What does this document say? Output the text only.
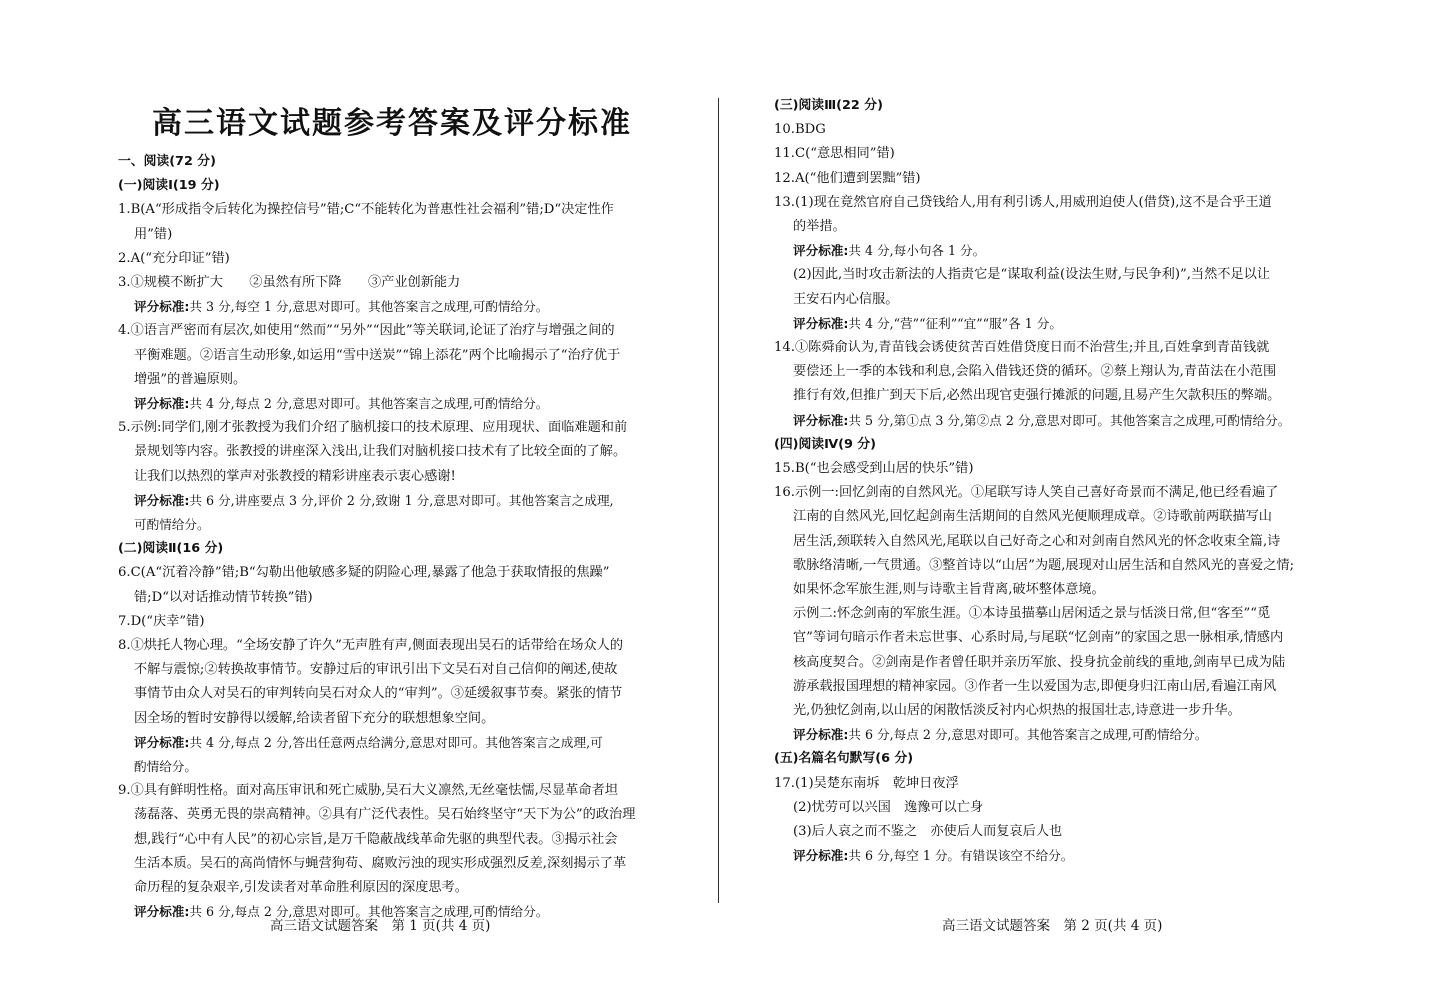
高三语文试题参考答案及评分标准
一、阅读(72 分)
(一)阅读Ⅰ(19 分)
1.B(A“形成指令后转化为操控信号”错;C“不能转化为普惠性社会福利”错;D“决定性作
用”错)
2.A(“充分印证”错)
3.①规模不断扩大　　②虽然有所下降　　③产业创新能力
评分标准:共 3 分,每空 1 分,意思对即可。其他答案言之成理,可酌情给分。
4.①语言严密而有层次,如使用“然而”“另外”“因此”等关联词,论证了治疗与增强之间的
平衡难题。②语言生动形象,如运用“雪中送炭”“锦上添花”两个比喻揭示了“治疗优于
增强”的普遍原则。
评分标准:共 4 分,每点 2 分,意思对即可。其他答案言之成理,可酌情给分。
5.示例:同学们,刚才张教授为我们介绍了脑机接口的技术原理、应用现状、面临难题和前
景规划等内容。张教授的讲座深入浅出,让我们对脑机接口技术有了比较全面的了解。
让我们以热烈的掌声对张教授的精彩讲座表示衷心感谢!
评分标准:共 6 分,讲座要点 3 分,评价 2 分,致谢 1 分,意思对即可。其他答案言之成理,
可酌情给分。
(二)阅读Ⅱ(16 分)
6.C(A“沉着冷静”错;B“勾勒出他敏感多疑的阴险心理,暴露了他急于获取情报的焦躁”
错;D“以对话推动情节转换”错)
7.D(“庆幸”错)
8.①烘托人物心理。“全场安静了许久”无声胜有声,侧面表现出吴石的话带给在场众人的
不解与震惊;②转换故事情节。安静过后的审讯引出下文吴石对自己信仰的阐述,使故
事情节由众人对吴石的审判转向吴石对众人的“审判”。③延缓叙事节奏。紧张的情节
因全场的暂时安静得以缓解,给读者留下充分的联想想象空间。
评分标准:共 4 分,每点 2 分,答出任意两点给满分,意思对即可。其他答案言之成理,可
酌情给分。
9.①具有鲜明性格。面对高压审讯和死亡威胁,吴石大义凛然,无丝毫怯懦,尽显革命者坦
荡磊落、英勇无畏的崇高精神。②具有广泛代表性。吴石始终坚守“天下为公”的政治理
想,践行“心中有人民”的初心宗旨,是万千隐蔽战线革命先驱的典型代表。③揭示社会
生活本质。吴石的高尚情怀与蝇营狗苟、腐败污浊的现实形成强烈反差,深刻揭示了革
命历程的复杂艰辛,引发读者对革命胜利原因的深度思考。
评分标准:共 6 分,每点 2 分,意思对即可。其他答案言之成理,可酌情给分。
高三语文试题答案　第 1 页(共 4 页)
(三)阅读Ⅲ(22 分)
10.BDG
11.C(“意思相同”错)
12.A(“他们遭到罢黜”错)
13.(1)现在竟然官府自己贷钱给人,用有利引诱人,用威刑迫使人(借贷),这不是合乎王道
的举措。
评分标准:共 4 分,每小句各 1 分。
(2)因此,当时攻击新法的人指责它是“谋取利益(设法生财,与民争利)”,当然不足以让
王安石内心信服。
评分标准:共 4 分,“营”“征利”“宜”“服”各 1 分。
14.①陈舜俞认为,青苗钱会诱使贫苦百姓借贷度日而不治营生;并且,百姓拿到青苗钱就
要偿还上一季的本钱和利息,会陷入借钱还贷的循环。②蔡上翔认为,青苗法在小范围
推行有效,但推广到天下后,必然出现官吏强行摊派的问题,且易产生欠款积压的弊端。
评分标准:共 5 分,第①点 3 分,第②点 2 分,意思对即可。其他答案言之成理,可酌情给分。
(四)阅读Ⅳ(9 分)
15.B(“也会感受到山居的快乐”错)
16.示例一:回忆剑南的自然风光。①尾联写诗人笑自己喜好奇景而不满足,他已经看遍了
江南的自然风光,回忆起剑南生活期间的自然风光便顺理成章。②诗歌前两联描写山
居生活,颈联转入自然风光,尾联以自己好奇之心和对剑南自然风光的怀念收束全篇,诗
歌脉络清晰,一气贯通。③整首诗以“山居”为题,展现对山居生活和自然风光的喜爱之情;
如果怀念军旅生涯,则与诗歌主旨背离,破坏整体意境。
示例二:怀念剑南的军旅生涯。①本诗虽描摹山居闲适之景与恬淡日常,但“客至”“觅
官”等词句暗示作者未忘世事、心系时局,与尾联“忆剑南”的家国之思一脉相承,情感内
核高度契合。②剑南是作者曾任职并亲历军旅、投身抗金前线的重地,剑南早已成为陆
游承载报国理想的精神家园。③作者一生以爱国为志,即便身归江南山居,看遍江南风
光,仍独忆剑南,以山居的闲散恬淡反衬内心炽热的报国壮志,诗意进一步升华。
评分标准:共 6 分,每点 2 分,意思对即可。其他答案言之成理,可酌情给分。
(五)名篇名句默写(6 分)
17.(1)吴楚东南坼　乾坤日夜浮
(2)忧劳可以兴国　逸豫可以亡身
(3)后人哀之而不鉴之　亦使后人而复哀后人也
评分标准:共 6 分,每空 1 分。有错误该空不给分。
高三语文试题答案　第 2 页(共 4 页)
